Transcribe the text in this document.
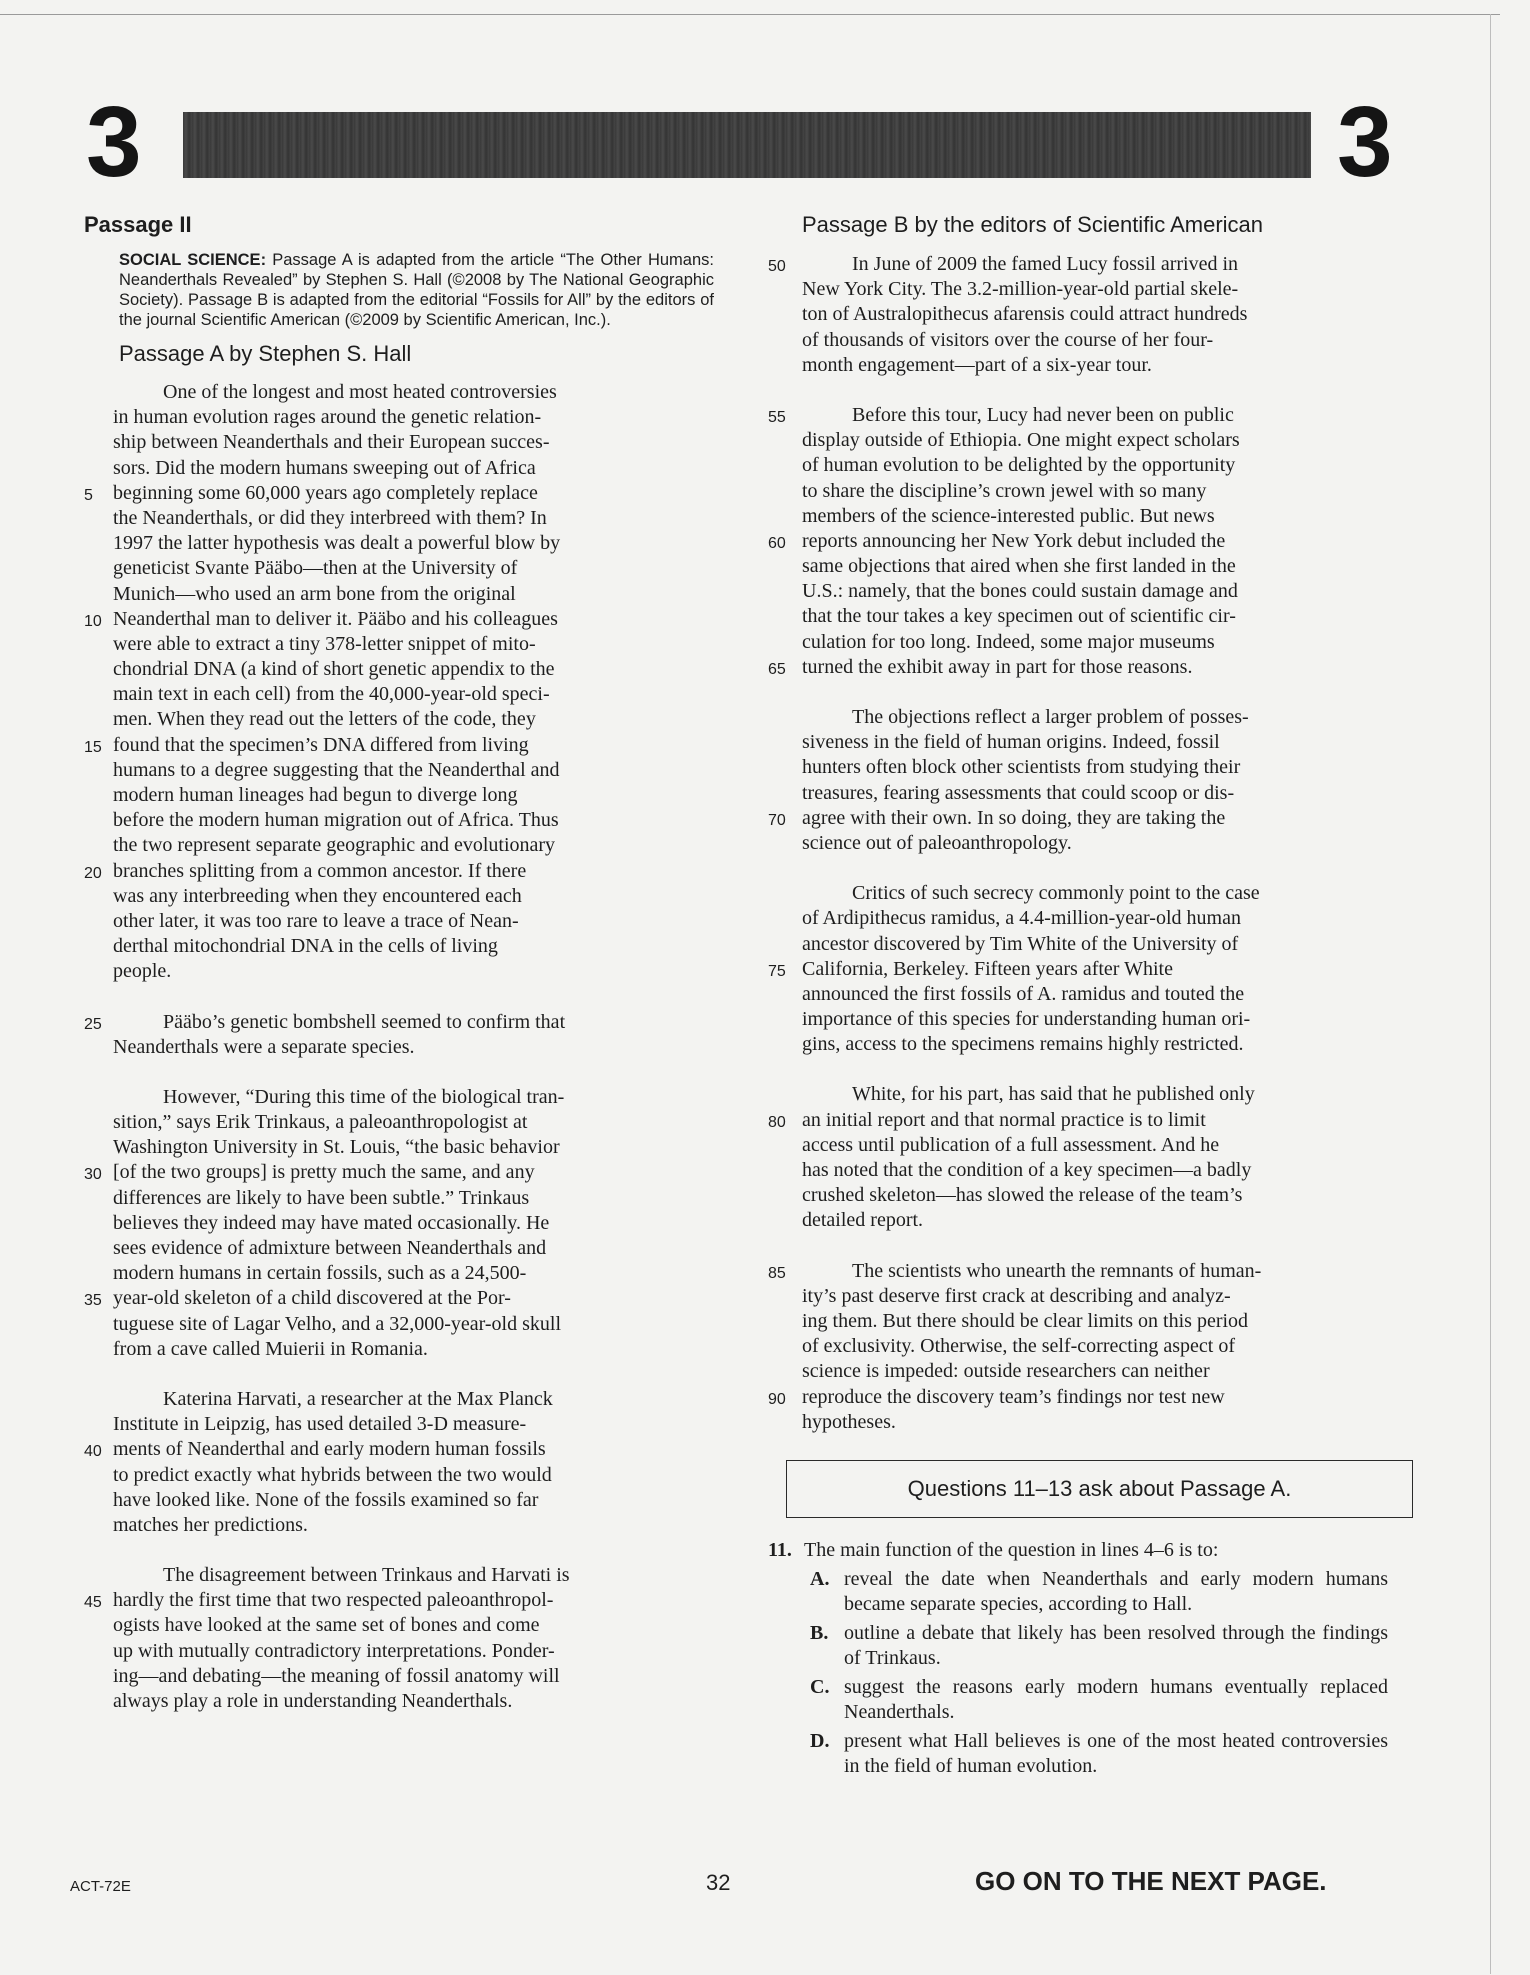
3	3
Passage II
SOCIAL SCIENCE: Passage A is adapted from the article “The Other Humans: Neanderthals Revealed” by Stephen S. Hall (©2008 by The National Geographic Society). Passage B is adapted from the editorial “Fossils for All” by the editors of the journal Scientific American (©2009 by Scientific American, Inc.).
Passage A by Stephen S. Hall
One of the longest and most heated controversies
in human evolution rages around the genetic relation-
ship between Neanderthals and their European succes-
sors. Did the modern humans sweeping out of Africa
5	beginning some 60,000 years ago completely replace
the Neanderthals, or did they interbreed with them? In
1997 the latter hypothesis was dealt a powerful blow by
geneticist Svante Pääbo—then at the University of
Munich—who used an arm bone from the original
10 Neanderthal man to deliver it. Pääbo and his colleagues
were able to extract a tiny 378-letter snippet of mito-
chondrial DNA (a kind of short genetic appendix to the
main text in each cell) from the 40,000-year-old speci-
men. When they read out the letters of the code, they
15 found that the specimen’s DNA differed from living
humans to a degree suggesting that the Neanderthal and
modern human lineages had begun to diverge long
before the modern human migration out of Africa. Thus
the two represent separate geographic and evolutionary
20 branches splitting from a common ancestor. If there
was any interbreeding when they encountered each
other later, it was too rare to leave a trace of Nean-
derthal mitochondrial DNA in the cells of living
people.
25	Pääbo’s genetic bombshell seemed to confirm that
Neanderthals were a separate species.
However, “During this time of the biological tran-
sition,” says Erik Trinkaus, a paleoanthropologist at
Washington University in St. Louis, “the basic behavior
30 [of the two groups] is pretty much the same, and any
differences are likely to have been subtle.” Trinkaus
believes they indeed may have mated occasionally. He
sees evidence of admixture between Neanderthals and
modern humans in certain fossils, such as a 24,500-
35 year-old skeleton of a child discovered at the Por-
tuguese site of Lagar Velho, and a 32,000-year-old skull
from a cave called Muierii in Romania.
Katerina Harvati, a researcher at the Max Planck
Institute in Leipzig, has used detailed 3-D measure-
40 ments of Neanderthal and early modern human fossils
to predict exactly what hybrids between the two would
have looked like. None of the fossils examined so far
matches her predictions.
The disagreement between Trinkaus and Harvati is
45 hardly the first time that two respected paleoanthropol-
ogists have looked at the same set of bones and come
up with mutually contradictory interpretations. Ponder-
ing—and debating—the meaning of fossil anatomy will
always play a role in understanding Neanderthals.
Passage B by the editors of Scientific American
50	In June of 2009 the famed Lucy fossil arrived in
New York City. The 3.2-million-year-old partial skele-
ton of Australopithecus afarensis could attract hundreds
of thousands of visitors over the course of her four-
month engagement—part of a six-year tour.
55	Before this tour, Lucy had never been on public
display outside of Ethiopia. One might expect scholars
of human evolution to be delighted by the opportunity
to share the discipline’s crown jewel with so many
members of the science-interested public. But news
60 reports announcing her New York debut included the
same objections that aired when she first landed in the
U.S.: namely, that the bones could sustain damage and
that the tour takes a key specimen out of scientific cir-
culation for too long. Indeed, some major museums
65 turned the exhibit away in part for those reasons.
The objections reflect a larger problem of posses-
siveness in the field of human origins. Indeed, fossil
hunters often block other scientists from studying their
treasures, fearing assessments that could scoop or dis-
70 agree with their own. In so doing, they are taking the
science out of paleoanthropology.
Critics of such secrecy commonly point to the case
of Ardipithecus ramidus, a 4.4-million-year-old human
ancestor discovered by Tim White of the University of
75 California, Berkeley. Fifteen years after White
announced the first fossils of A. ramidus and touted the
importance of this species for understanding human ori-
gins, access to the specimens remains highly restricted.
White, for his part, has said that he published only
80 an initial report and that normal practice is to limit
access until publication of a full assessment. And he
has noted that the condition of a key specimen—a badly
crushed skeleton—has slowed the release of the team’s
detailed report.
85	The scientists who unearth the remnants of human-
ity’s past deserve first crack at describing and analyz-
ing them. But there should be clear limits on this period
of exclusivity. Otherwise, the self-correcting aspect of
science is impeded: outside researchers can neither
90 reproduce the discovery team’s findings nor test new
hypotheses.
Questions 11–13 ask about Passage A.
11. The main function of the question in lines 4–6 is to:
A. reveal the date when Neanderthals and early modern humans became separate species, according to Hall.
B. outline a debate that likely has been resolved through the findings of Trinkaus.
C. suggest the reasons early modern humans eventually replaced Neanderthals.
D. present what Hall believes is one of the most heated controversies in the field of human evolution.
ACT-72E	32	GO ON TO THE NEXT PAGE.
